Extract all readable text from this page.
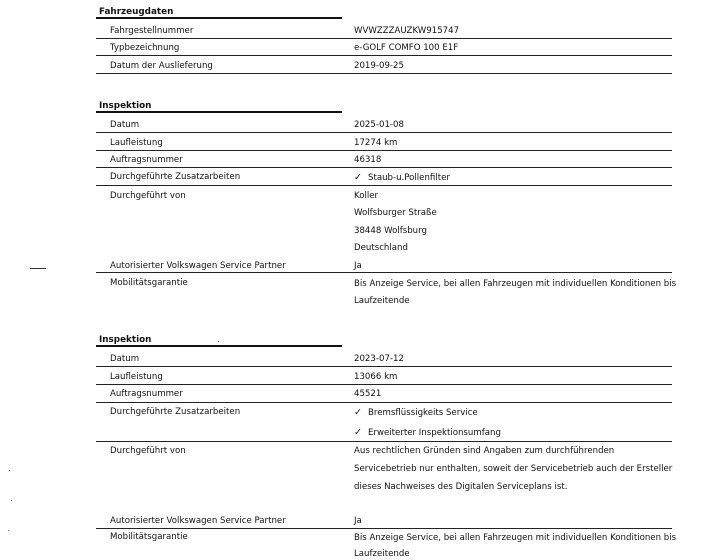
Fahrzeugdaten
Fahrgestellnummer	WVWZZZAUZKW915747
Typbezeichnung	e-GOLF COMFO 100 E1F
Datum der Auslieferung	2019-09-25
Inspektion
Datum	2025-01-08
Laufleistung	17274 km
Auftragsnummer	46318
Durchgeführte Zusatzarbeiten	✓ Staub-u.Pollenfilter
Durchgeführt von	Koller
Wolfsburger Straße
38448 Wolfsburg
Deutschland
Autorisierter Volkswagen Service Partner	Ja
Mobilitätsgarantie	Bis Anzeige Service, bei allen Fahrzeugen mit individuellen Konditionen bis
Laufzeitende
Inspektion
Datum	2023-07-12
Laufleistung	13066 km
Auftragsnummer	45521
Durchgeführte Zusatzarbeiten	✓ Bremsflüssigkeits Service
✓ Erweiterter Inspektionsumfang
Durchgeführt von	Aus rechtlichen Gründen sind Angaben zum durchführenden
Servicebetrieb nur enthalten, soweit der Servicebetrieb auch der Ersteller
dieses Nachweises des Digitalen Serviceplans ist.
Autorisierter Volkswagen Service Partner	Ja
Mobilitätsgarantie	Bis Anzeige Service, bei allen Fahrzeugen mit individuellen Konditionen bis
Laufzeitende
